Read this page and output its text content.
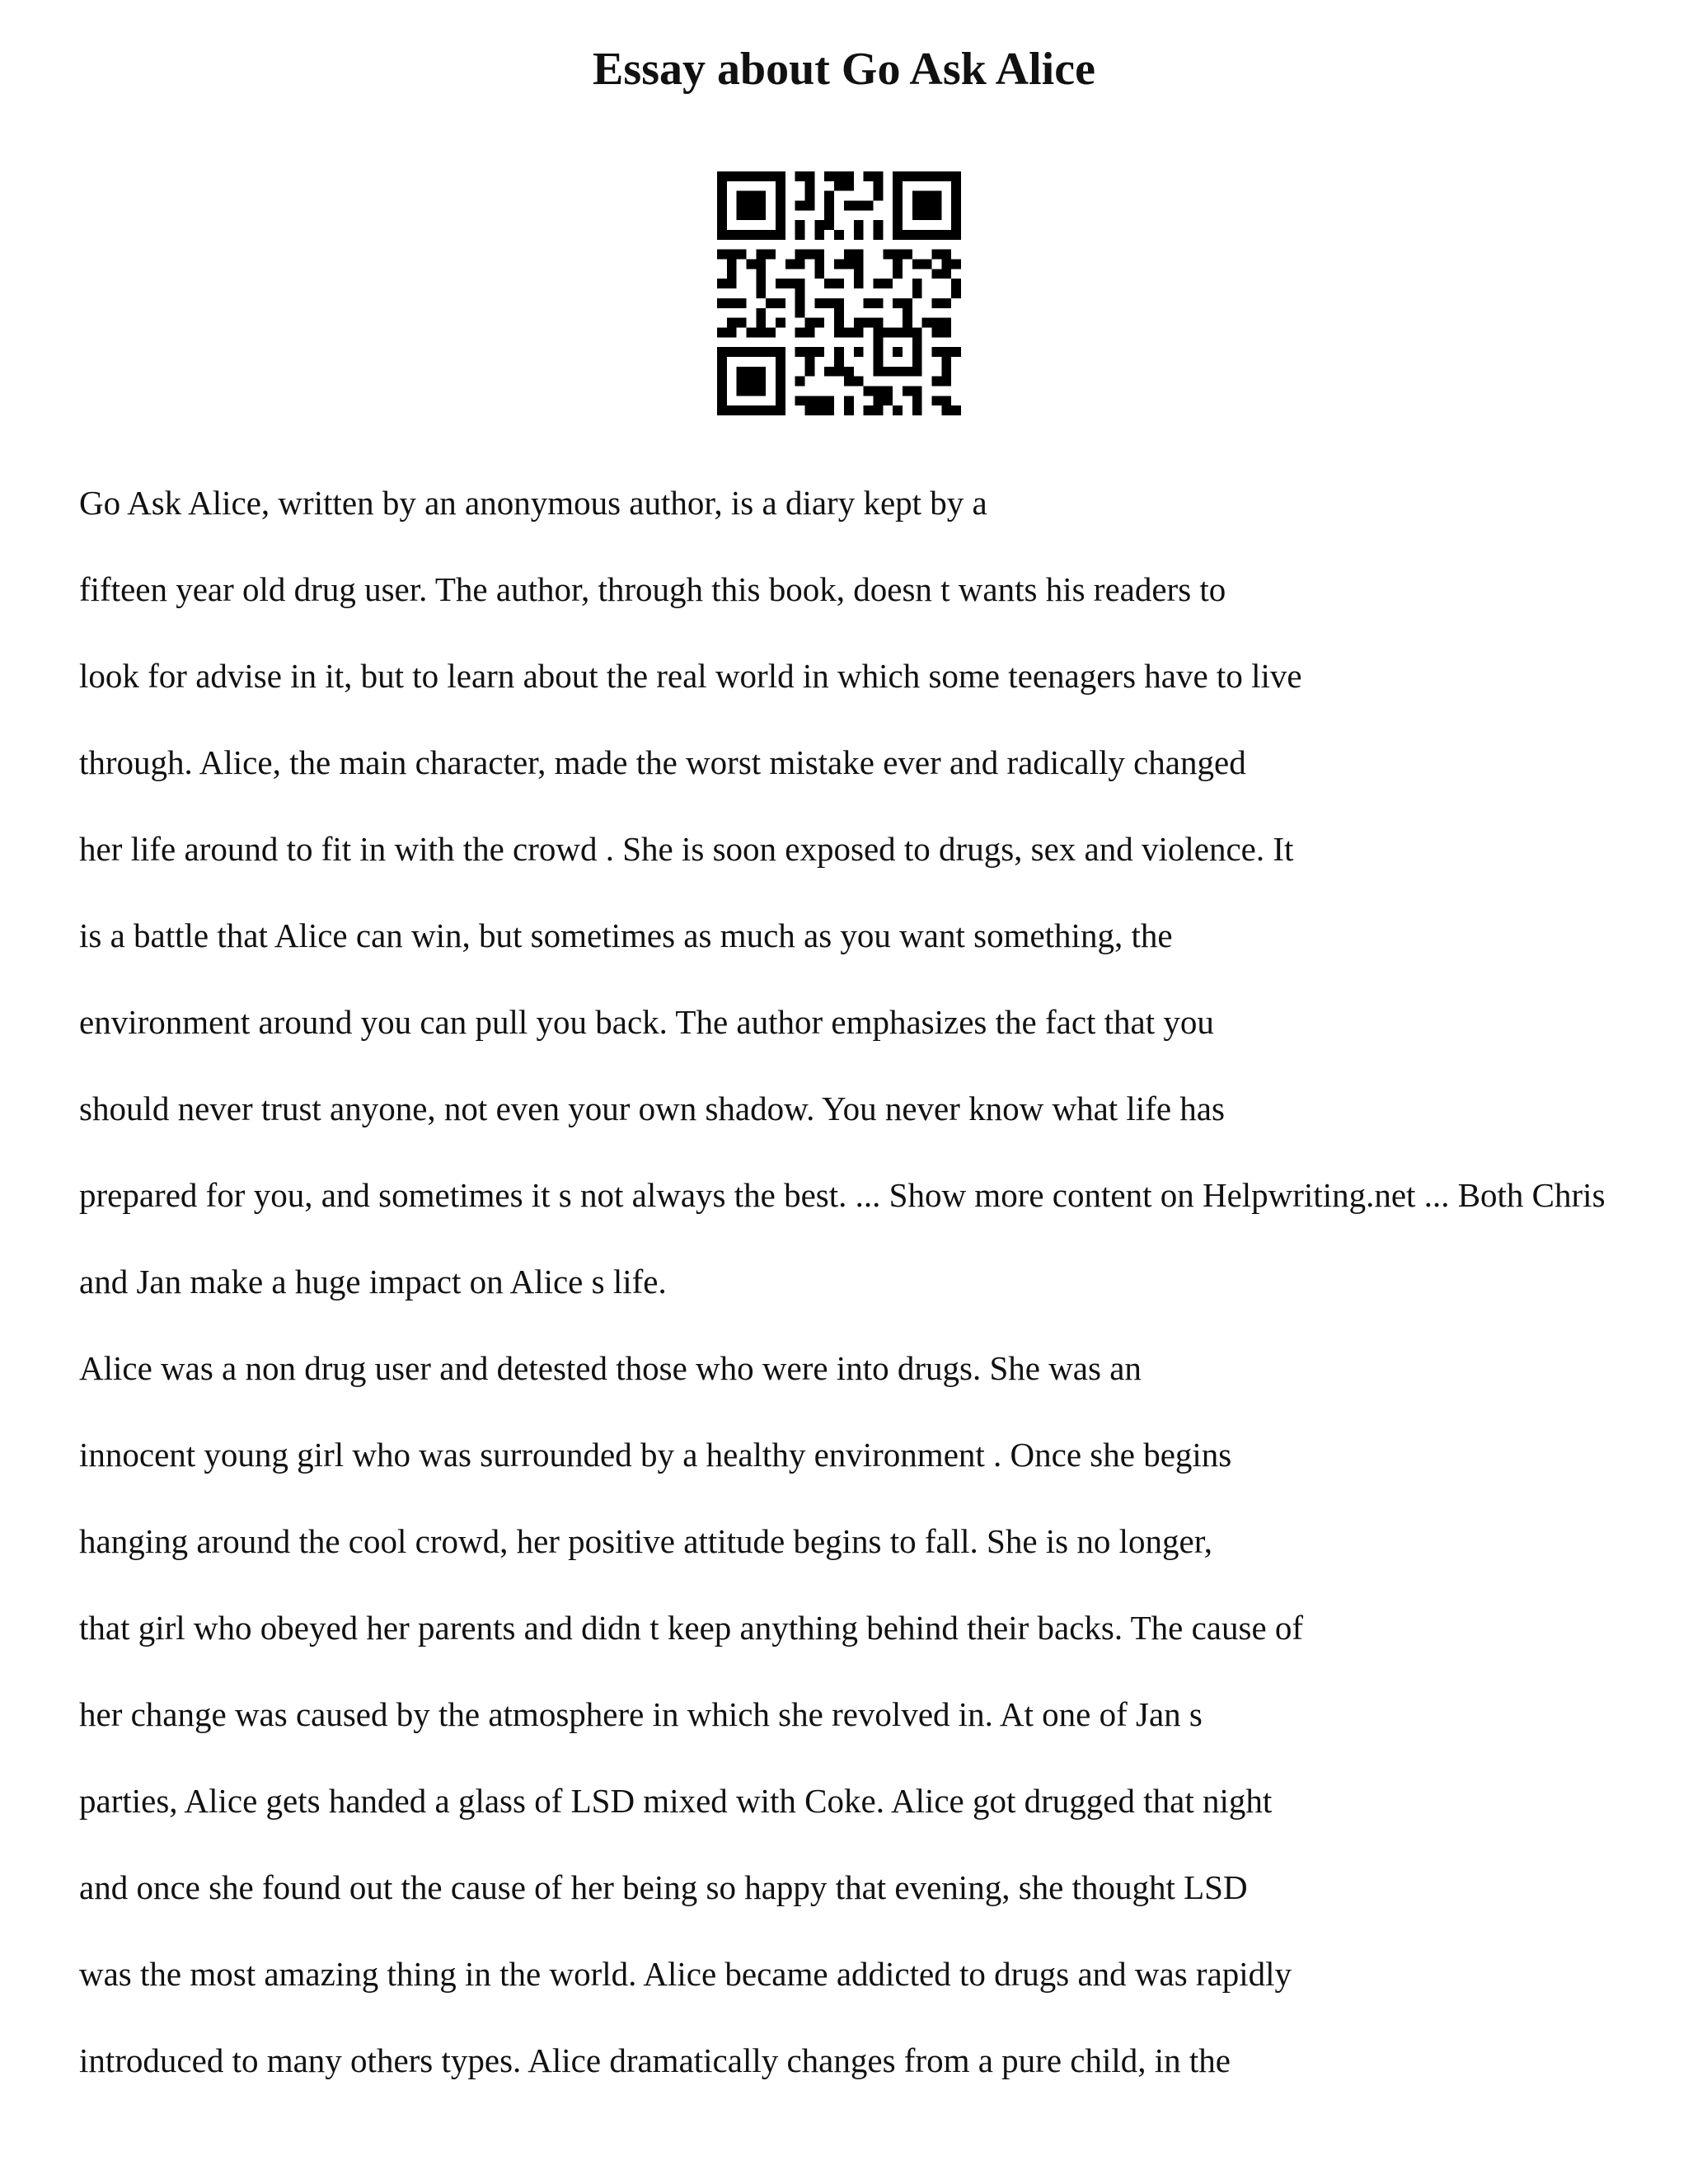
Essay about Go Ask Alice

Go Ask Alice, written by an anonymous author, is a diary kept by a

fifteen year old drug user. The author, through this book, doesn t wants his readers to

look for advise in it, but to learn about the real world in which some teenagers have to live

through. Alice, the main character, made the worst mistake ever and radically changed

her life around to fit in with the crowd . She is soon exposed to drugs, sex and violence. It

is a battle that Alice can win, but sometimes as much as you want something, the

environment around you can pull you back. The author emphasizes the fact that you

should never trust anyone, not even your own shadow. You never know what life has

prepared for you, and sometimes it s not always the best. ... Show more content on Helpwriting.net ... Both Chris

and Jan make a huge impact on Alice s life.

Alice was a non drug user and detested those who were into drugs. She was an

innocent young girl who was surrounded by a healthy environment . Once she begins

hanging around the cool crowd, her positive attitude begins to fall. She is no longer,

that girl who obeyed her parents and didn t keep anything behind their backs. The cause of

her change was caused by the atmosphere in which she revolved in. At one of Jan s

parties, Alice gets handed a glass of LSD mixed with Coke. Alice got drugged that night

and once she found out the cause of her being so happy that evening, she thought LSD

was the most amazing thing in the world. Alice became addicted to drugs and was rapidly

introduced to many others types. Alice dramatically changes from a pure child, in the
